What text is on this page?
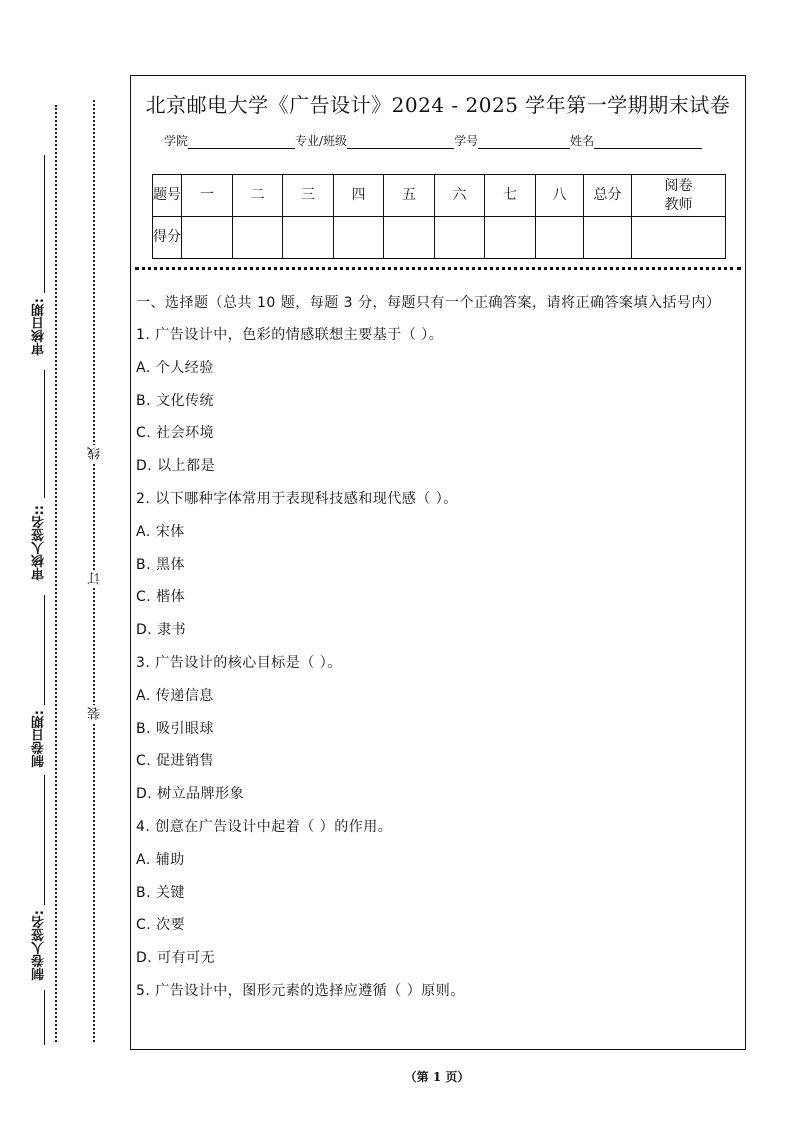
审核日期:
审核人签名::
制卷日期:
制卷人签名:
线
订
装
北京邮电大学《广告设计》2024 - 2025 学年第一学期期末试卷
学院	专业/班级	学号	姓名
题号	一	二	三	四	五	六	七	八	总分	阅卷教师
得分										
一、选择题（总共 10 题，每题 3 分，每题只有一个正确答案，请将正确答案填入括号内）
1. 广告设计中，色彩的情感联想主要基于（ ）。
A. 个人经验
B. 文化传统
C. 社会环境
D. 以上都是
2. 以下哪种字体常用于表现科技感和现代感（ ）。
A. 宋体
B. 黑体
C. 楷体
D. 隶书
3. 广告设计的核心目标是（ ）。
A. 传递信息
B. 吸引眼球
C. 促进销售
D. 树立品牌形象
4. 创意在广告设计中起着（ ）的作用。
A. 辅助
B. 关键
C. 次要
D. 可有可无
5. 广告设计中，图形元素的选择应遵循（ ）原则。
（第 1 页）
